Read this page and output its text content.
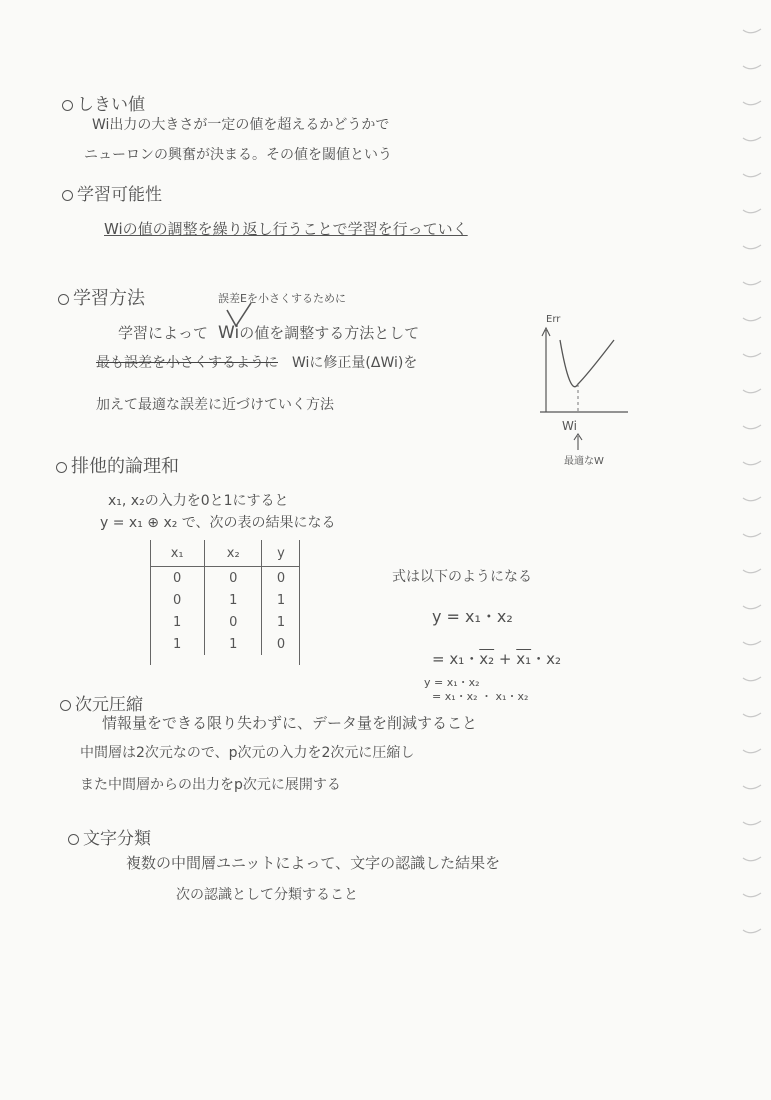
しきい値
Wi出力の大きさが一定の値を超えるかどうかで
ニューロンの興奮が決まる。その値を閾値という
学習可能性
Wiの値の調整を繰り返し行うことで学習を行っていく
学習方法	誤差Eを小さくするために
学習によって Wiの値を調整する方法として
最も誤差を小さくするように Wiに修正量(ΔWi)を
加えて最適な誤差に近づけていく方法
Err
Wi
最適なW
排他的論理和
x₁, x₂の入力を0と1にすると
y = x₁ ⊕ x₂ で、次の表の結果になる
x₁	x₂	y
0	0	0
0	1	1
1	0	1
1	1	0
式は以下のようになる
y = x₁・x₂
= x₁・x₂ + x₁・x₂
y = x₁・x₂
= x₁・x₂ ・ x₁・x₂
次元圧縮
情報量をできる限り失わずに、データ量を削減すること
中間層は2次元なので、p次元の入力を2次元に圧縮し
また中間層からの出力をp次元に展開する
文字分類
複数の中間層ユニットによって、文字の認識した結果を
次の認識として分類すること
